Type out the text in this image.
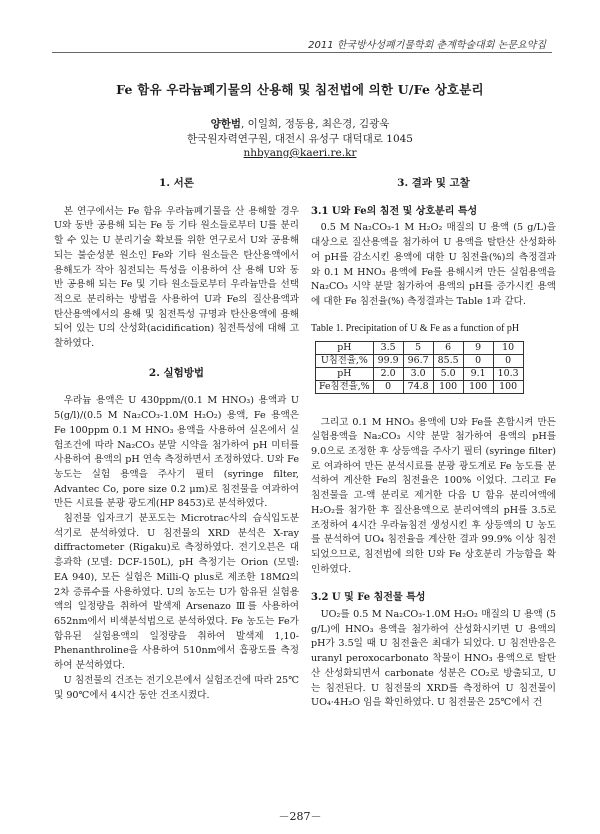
2011 한국방사성폐기물학회 춘계학술대회 논문요약집
Fe 함유 우라늄폐기물의 산용해 및 침전법에 의한 U/Fe 상호분리
양한범, 이일희, 정동용, 최은경, 김광욱
한국원자력연구원, 대전시 유성구 대덕대로 1045
nhbyang@kaeri.re.kr
1. 서론

본 연구에서는 Fe 함유 우라늄폐기물을 산 용해할 경우 U와 동반 공용해 되는 Fe 등 기타 원소들로부터 U를 분리할 수 있는 U 분리기술 확보를 위한 연구로서 U와 공용해 되는 불순성분 원소인 Fe와 기타 원소들은 탄산용액에서 용해도가 작아 침전되는 특성을 이용하여 산 용해 U와 동반 공용해 되는 Fe 및 기타 원소들로부터 우라늄만을 선택적으로 분리하는 방법을 사용하여 U과 Fe의 질산용액과 탄산용액에서의 용해 및 침전특성 규명과 탄산용액에 용해되어 있는 U의 산성화(acidification) 침전특성에 대해 고찰하였다.

2. 실험방법

우라늄 용액은 U 430ppm/(0.1 M HNO₃) 용액과 U 5(g/l)/(0.5 M Na₂CO₃-1.0M H₂O₂) 용액, Fe 용액은 Fe 100ppm 0.1 M HNO₃ 용액을 사용하여 실온에서 실험조건에 따라 Na₂CO₃ 분말 시약을 첨가하여 pH 미터를 사용하여 용액의 pH 연속 측정하면서 조정하였다. U와 Fe 농도는 실험 용액을 주사기 필터 (syringe filter, Advantec Co, pore size 0.2 μm)로 침전물을 여과하여 만든 시료를 분광 광도계(HP 8453)로 분석하였다.

침전물 입자크기 분포도는 Microtrac사의 습식입도분석기로 분석하였다. U 침전물의 XRD 분석은 X-ray diffractometer (Rigaku)로 측정하였다. 전기오븐은 대흥과학 (모델: DCF-150L), pH 측정기는 Orion (모델: EA 940), 모든 실험은 Milli-Q plus로 제조한 18MΩ의 2차 증류수를 사용하였다. U의 농도는 U가 함유된 실험용액의 일정량을 취하여 발색제 Arsenazo Ⅲ를 사용하여 652nm에서 비색분석법으로 분석하였다. Fe 농도는 Fe가 함유된 실험용액의 일정량을 취하여 발색제 1,10-Phenanthroline을 사용하여 510nm에서 흡광도를 측정하여 분석하였다.

U 침전물의 건조는 전기오븐에서 실험조건에 따라 25℃ 및 90℃에서 4시간 동안 건조시켰다.

3. 결과 및 고찰
3.1 U와 Fe의 침전 및 상호분리 특성

0.5 M Na₂CO₃-1 M H₂O₂ 매질의 U 용액 (5 g/L)을 대상으로 질산용액을 첨가하여 U 용액을 탈탄산 산성화하여 pH를 감소시킨 용액에 대한 U 침전율(%)의 측정결과와 0.1 M HNO₃ 용액에 Fe를 용해시켜 만든 실험용액을 Na₂CO₃ 시약 분말 첨가하여 용액의 pH를 증가시킨 용액에 대한 Fe 침전율(%) 측정결과는 Table 1과 같다.

Table 1. Precipitation of U & Fe as a function of pH
pH	3.5	5	6	9	10
U침전율,%	99.9	96.7	85.5	0	0
pH	2.0	3.0	5.0	9.1	10.3
Fe침전율,%	0	74.8	100	100	100

그리고 0.1 M HNO₃ 용액에 U와 Fe를 혼합시켜 만든 실험용액을 Na₂CO₃ 시약 분말 첨가하여 용액의 pH를 9.0으로 조정한 후 상등액을 주사기 필터 (syringe filter)로 여과하여 만든 분석시료를 분광 광도계로 Fe 농도를 분석하여 계산한 Fe의 침전율은 100% 이었다. 그리고 Fe 침전물을 고-액 분리로 제거한 다음 U 함유 분리여액에 H₂O₂를 첨가한 후 질산용액으로 분리여액의 pH를 3.5로 조정하여 4시간 우라늄침전 생성시킨 후 상등액의 U 농도를 분석하여 UO₄ 침전율을 계산한 결과 99.9% 이상 침전되었으므로, 침전법에 의한 U와 Fe 상호분리 가능함을 확인하였다.

3.2 U 및 Fe 침전물 특성

UO₂를 0.5 M Na₂CO₃-1.0M H₂O₂ 매질의 U 용액 (5 g/L)에 HNO₃ 용액을 첨가하여 산성화시키면 U 용액의 pH가 3.5일 때 U 침전율은 최대가 되었다. U 침전반응은 uranyl peroxocarbonato 착물이 HNO₃ 용액으로 탈탄산 산성화되면서 carbonate 성분은 CO₂로 방출되고, U는 침전된다. U 침전물의 XRD를 측정하여 U 침전물이 UO₄·4H₂O 임을 확인하였다. U 침전물은 25℃에서 건

－287－
